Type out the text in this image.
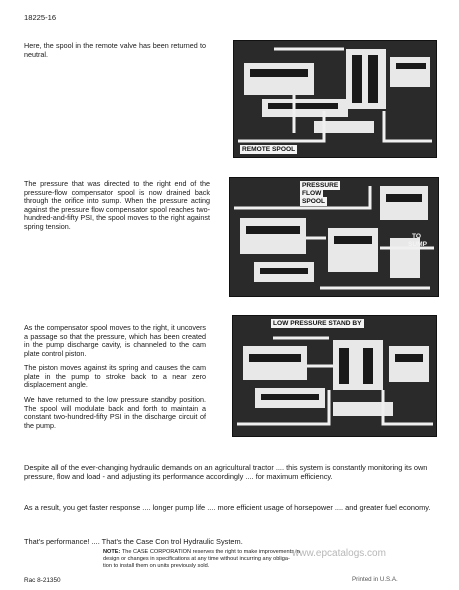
18225-16
Here, the spool in the remote valve has been returned to neutral.
REMOTE SPOOL
The pressure that was directed to the right end of the pressure-flow compensator spool is now drained back through the orifice into sump. When the pressure acting against the pressure flow compensator spool reaches two-hundred-and-fifty PSI, the spool moves to the right against spring tension.
PRESSURE
FLOW
SPOOL
TO
SUMP
As the compensator spool moves to the right, it uncovers a passage so that the pressure, which has been created in the pump discharge cavity, is channeled to the cam plate control piston.
The piston moves against its spring and causes the cam plate in the pump to stroke back to a near zero displacement angle.
We have returned to the low pressure standby position. The spool will modulate back and forth to maintain a constant two-hundred-fifty PSI in the discharge circuit of the pump.
LOW PRESSURE STAND BY
Despite all of the ever-changing hydraulic demands on an agricultural tractor .... this system is constantly monitoring its own pressure, flow and load - and adjusting its performance accordingly .... for maximum efficiency.
As a result, you get faster response .... longer pump life .... more efficient usage of horsepower .... and greater fuel economy.
That's performance! .... That's the Case Con trol Hydraulic System.
NOTE: The CASE CORPORATION reserves the right to make improvements in
design or changes in specifications at any time without incurring any obliga-
tion to install them on units previously sold.
www.epcatalogs.com
Rac 8-21350	Printed in U.S.A.
